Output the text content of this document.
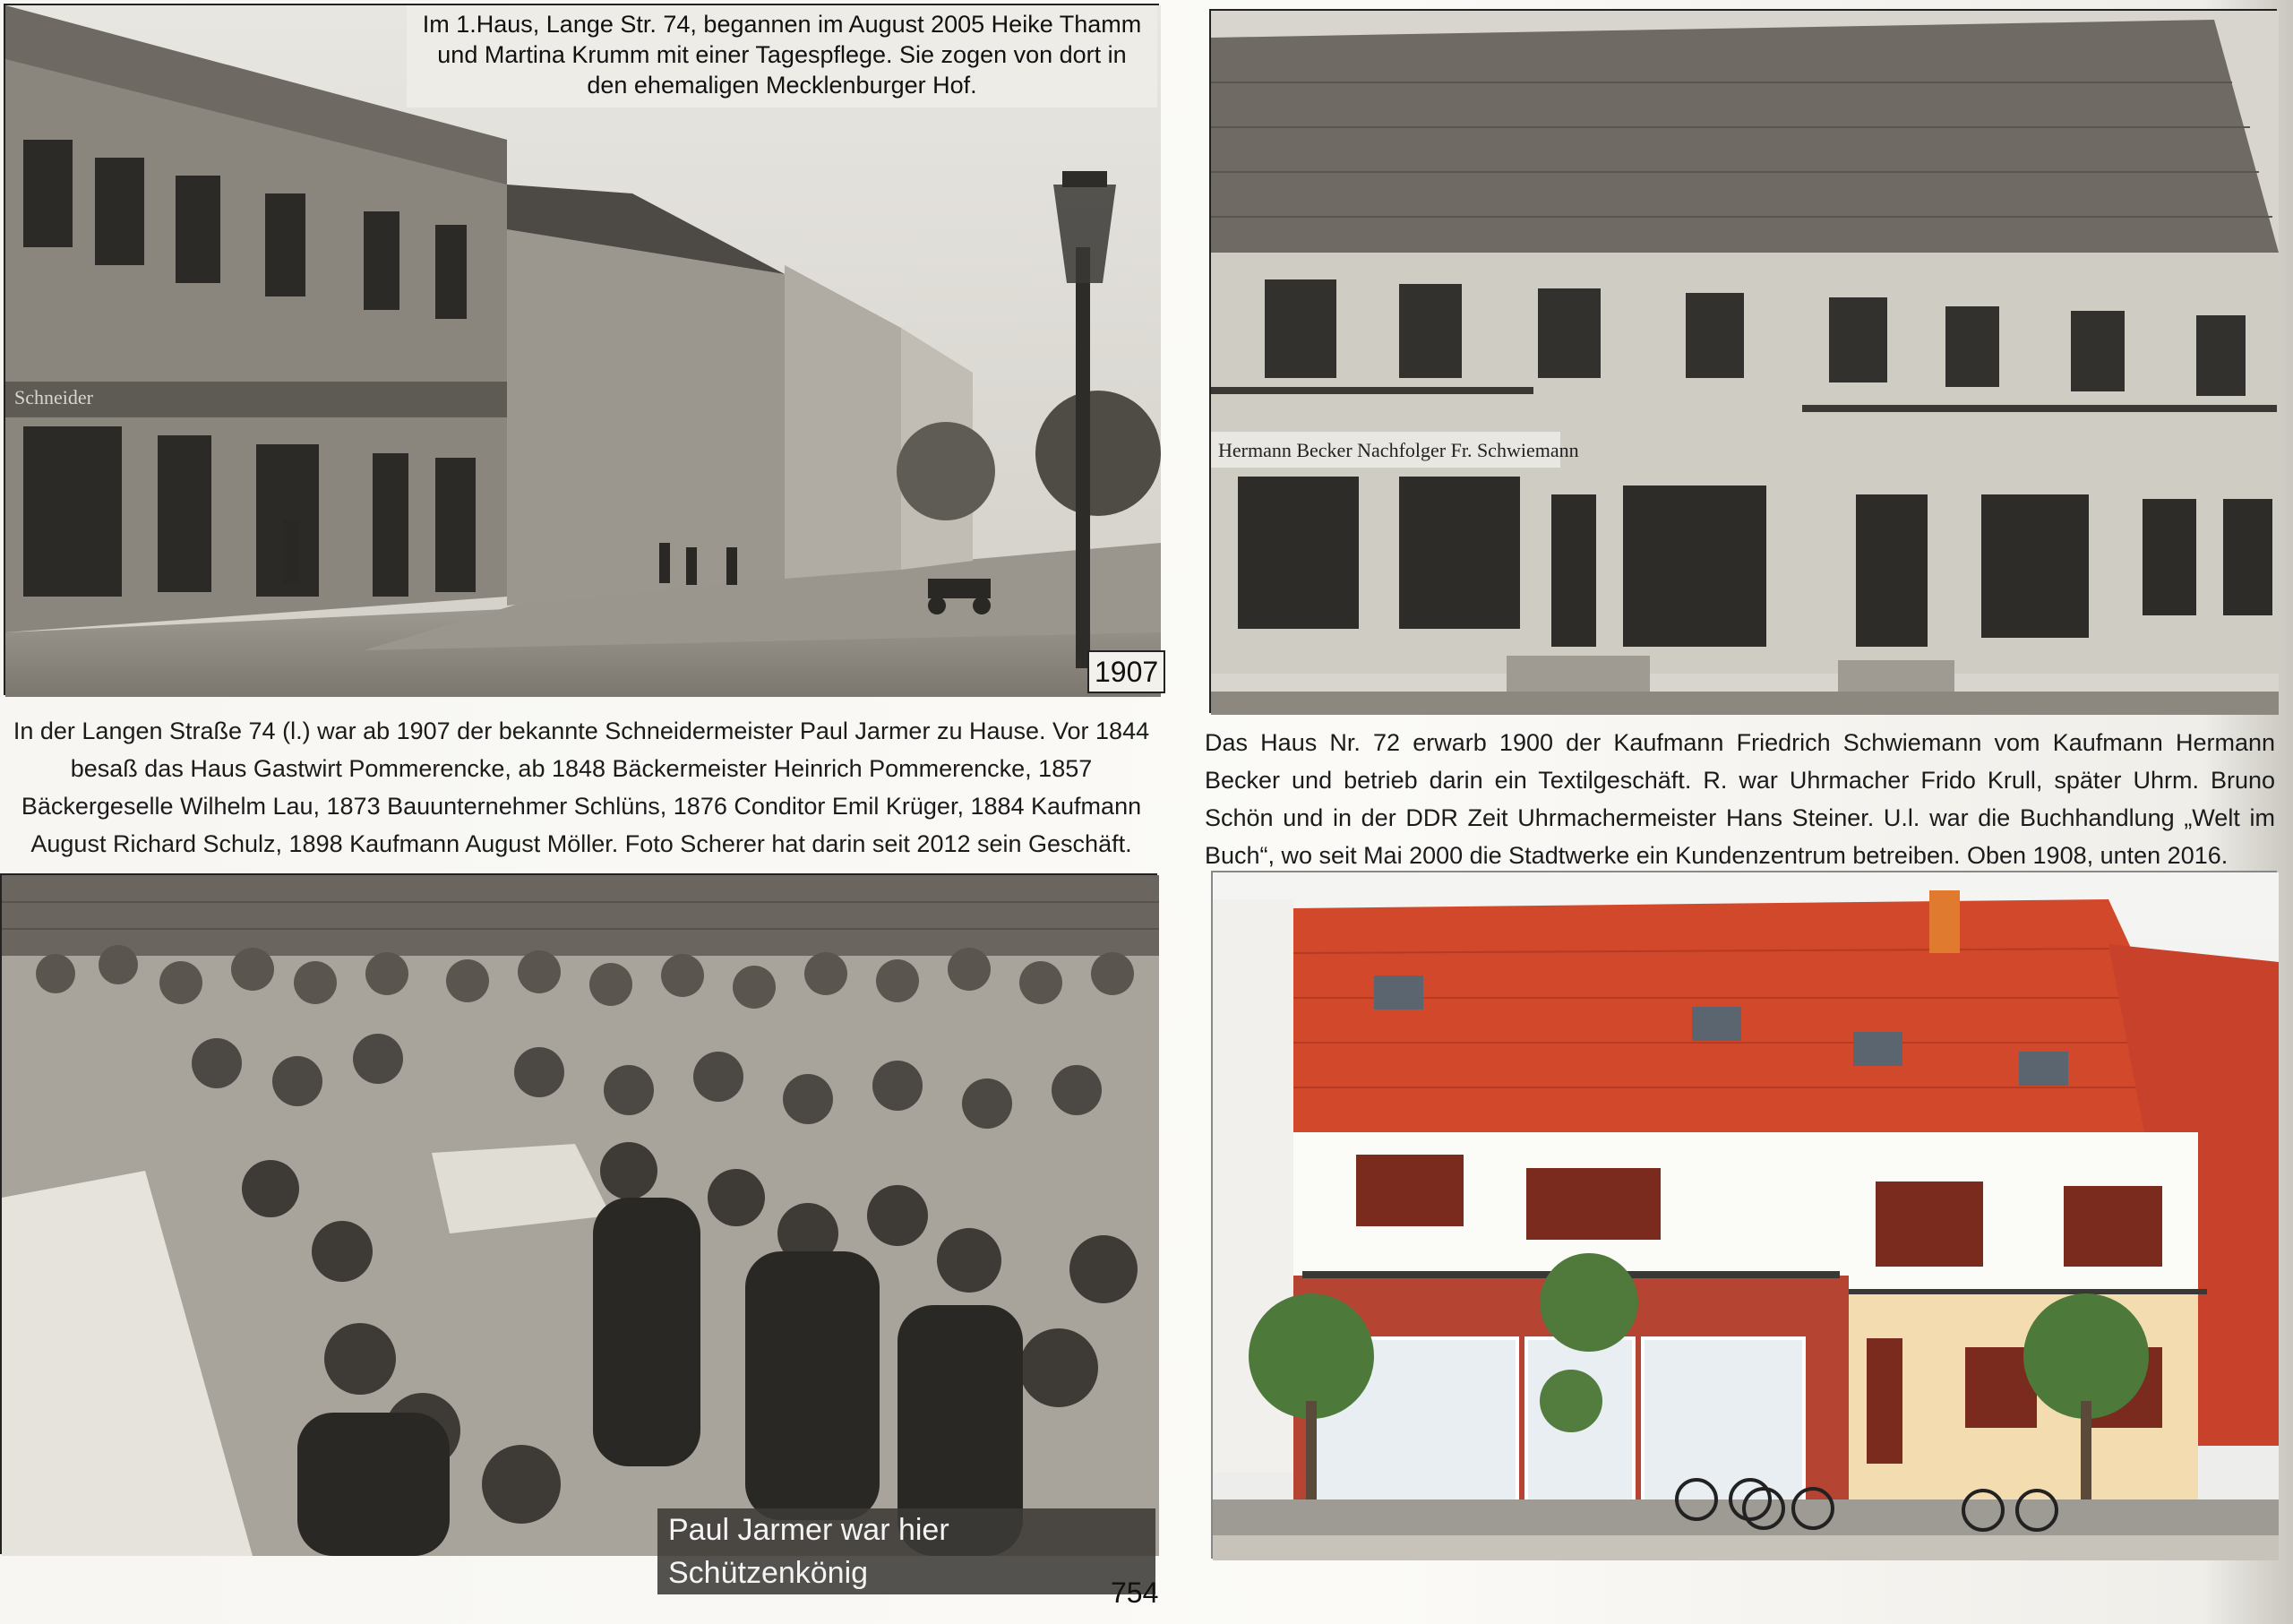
Schneider
Im 1.Haus, Lange Str. 74, begannen im August 2005 Heike Thamm und Martina Krumm mit einer Tagespflege. Sie zogen von dort in den ehemaligen Mecklenburger Hof.
1907
Hermann Becker Nachfolger Fr. Schwiemann

In der Langen Straße 74 (l.) war ab 1907 der bekannte Schneidermeister Paul Jarmer zu Hause. Vor 1844 besaß das Haus Gastwirt Pommerencke, ab 1848 Bäckermeister Heinrich Pommerencke, 1857 Bäckergeselle Wilhelm Lau, 1873 Bauunternehmer Schlüns, 1876 Conditor Emil Krüger, 1884 Kaufmann August Richard Schulz, 1898 Kaufmann August Möller. Foto Scherer hat darin seit 2012 sein Geschäft.

Das Haus Nr. 72 erwarb 1900 der Kaufmann Friedrich Schwiemann vom Kaufmann Hermann Becker und betrieb darin ein Textilgeschäft. R. war Uhrmacher Frido Krull, später Uhrm. Bruno Schön und in der DDR Zeit Uhrmachermeister Hans Steiner. U.l. war die Buchhandlung „Welt im Buch“, wo seit Mai 2000 die Stadtwerke ein Kundenzentrum betreiben. Oben 1908, unten 2016.

Paul Jarmer war hier Schützenkönig
754
